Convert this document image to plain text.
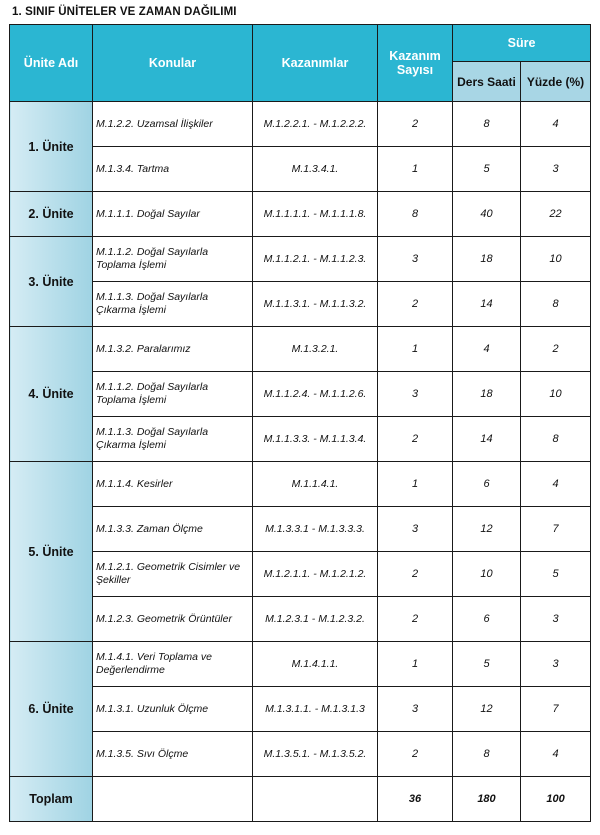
1. SINIF ÜNİTELER VE ZAMAN DAĞILIMI
Ünite Adı	Konular	Kazanımlar	Kazanım Sayısı	Süre	
				Ders Saati	Yüzde (%)
1. Ünite	M.1.2.2. Uzamsal İlişkiler	M.1.2.2.1. - M.1.2.2.2.	2	8	4
	M.1.3.4. Tartma	M.1.3.4.1.	1	5	3
2. Ünite	M.1.1.1. Doğal Sayılar	M.1.1.1.1. - M.1.1.1.8.	8	40	22
3. Ünite	M.1.1.2. Doğal Sayılarla Toplama İşlemi	M.1.1.2.1. - M.1.1.2.3.	3	18	10
	M.1.1.3. Doğal Sayılarla Çıkarma İşlemi	M.1.1.3.1. - M.1.1.3.2.	2	14	8
4. Ünite	M.1.3.2. Paralarımız	M.1.3.2.1.	1	4	2
	M.1.1.2. Doğal Sayılarla Toplama İşlemi	M.1.1.2.4. - M.1.1.2.6.	3	18	10
	M.1.1.3. Doğal Sayılarla Çıkarma İşlemi	M.1.1.3.3. - M.1.1.3.4.	2	14	8
5. Ünite	M.1.1.4. Kesirler	M.1.1.4.1.	1	6	4
	M.1.3.3. Zaman Ölçme	M.1.3.3.1 - M.1.3.3.3.	3	12	7
	M.1.2.1. Geometrik Cisimler ve Şekiller	M.1.2.1.1. - M.1.2.1.2.	2	10	5
	M.1.2.3. Geometrik Örüntüler	M.1.2.3.1 - M.1.2.3.2.	2	6	3
6. Ünite	M.1.4.1. Veri Toplama ve Değerlendirme	M.1.4.1.1.	1	5	3
	M.1.3.1. Uzunluk Ölçme	M.1.3.1.1. - M.1.3.1.3	3	12	7
	M.1.3.5. Sıvı Ölçme	M.1.3.5.1. - M.1.3.5.2.	2	8	4
Toplam			36	180	100
